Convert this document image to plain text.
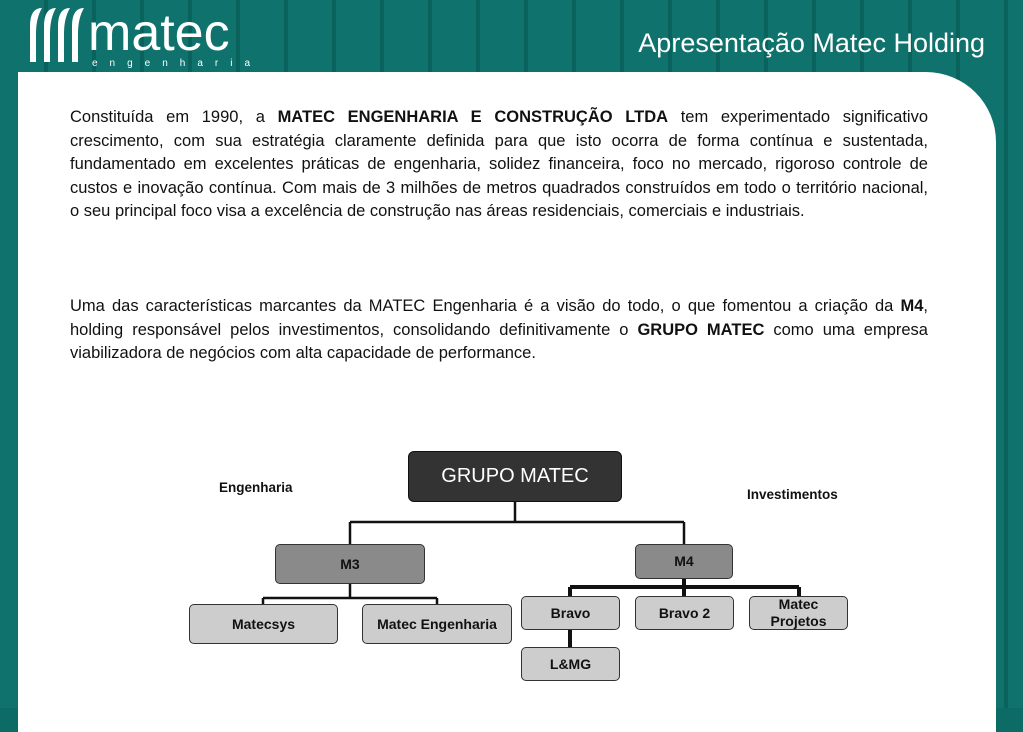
matec
engenharia
Apresentação Matec Holding

Constituída em 1990, a MATEC ENGENHARIA E CONSTRUÇÃO LTDA tem experimentado significativo crescimento, com sua estratégia claramente definida para que isto ocorra de forma contínua e sustentada, fundamentado em excelentes práticas de engenharia, solidez financeira, foco no mercado, rigoroso controle de custos e inovação contínua. Com mais de 3 milhões de metros quadrados construídos em todo o território nacional, o seu principal foco visa a excelência de construção nas áreas residenciais, comerciais e industriais.

Uma das características marcantes da MATEC Engenharia é a visão do todo, o que fomentou a criação da M4, holding responsável pelos investimentos, consolidando definitivamente o GRUPO MATEC como uma empresa viabilizadora de negócios com alta capacidade de performance.

Engenharia	Investimentos
GRUPO MATEC
M3	M4
Matecsys	Matec Engenharia
Bravo	Bravo 2
Matec Projetos
L&MG
